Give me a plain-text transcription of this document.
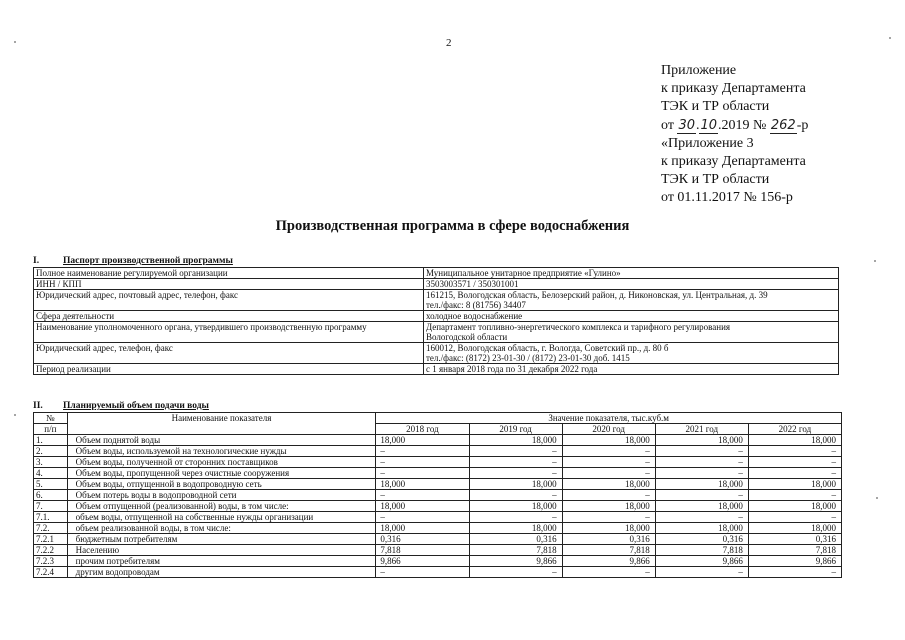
2
Приложение
к приказу Департамента
ТЭК и ТР области
от 30.10.2019 № 262-р
«Приложение 3
к приказу Департамента
ТЭК и ТР области
от 01.11.2017 № 156-р
Производственная программа в сфере водоснабжения
I.	Паспорт производственной программы
Полное наименование регулируемой организации	Муниципальное унитарное предприятие «Гулино»

ИНН / КПП	3503003571 / 350301001

Юридический адрес, почтовый адрес, телефон, факс	161215, Вологодская область, Белозерский район, д. Никоновская, ул. Центральная, д. 39
тел./факс: 8 (81756) 34407

Сфера деятельности	холодное водоснабжение

Наименование уполномоченного органа, утвердившего производственную программу	Департамент топливно-энергетического комплекса и тарифного регулирования
Вологодской области

Юридический адрес, телефон, факс	160012, Вологодская область, г. Вологда, Советский пр., д. 80 б
тел./факс: (8172) 23-01-30 / (8172) 23-01-30 доб. 1415

Период реализации	с 1 января 2018 года по 31 декабря 2022 года
II. Планируемый объем подачи воды
№	Наименование показателя	Значение показателя, тыс.куб.м				
п/п		2018 год	2019 год	2020 год	2021 год	2022 год
1.	Объем поднятой воды	18,000	18,000	18,000	18,000	18,000
2.	Объем воды, используемой на технологические нужды	–	–	–	–	–
3.	Объем воды, полученной от сторонних поставщиков	–	–	–	–	–
4.	Объем воды, пропущенной через очистные сооружения	–	–	–	–	–
5.	Объем воды, отпущенной в водопроводную сеть	18,000	18,000	18,000	18,000	18,000
6.	Объем потерь воды в водопроводной сети	–	–	–	–	–
7.	Объем отпущенной (реализованной) воды, в том числе:	18,000	18,000	18,000	18,000	18,000
7.1.	объем воды, отпущенной на собственные нужды организации	–	–	–	–	–
7.2.	объем реализованной воды, в том числе:	18,000	18,000	18,000	18,000	18,000
7.2.1	бюджетным потребителям	0,316	0,316	0,316	0,316	0,316
7.2.2	Населению	7,818	7,818	7,818	7,818	7,818
7.2.3	прочим потребителям	9,866	9,866	9,866	9,866	9,866
7.2.4	другим водопроводам	–	–	–	–	–
